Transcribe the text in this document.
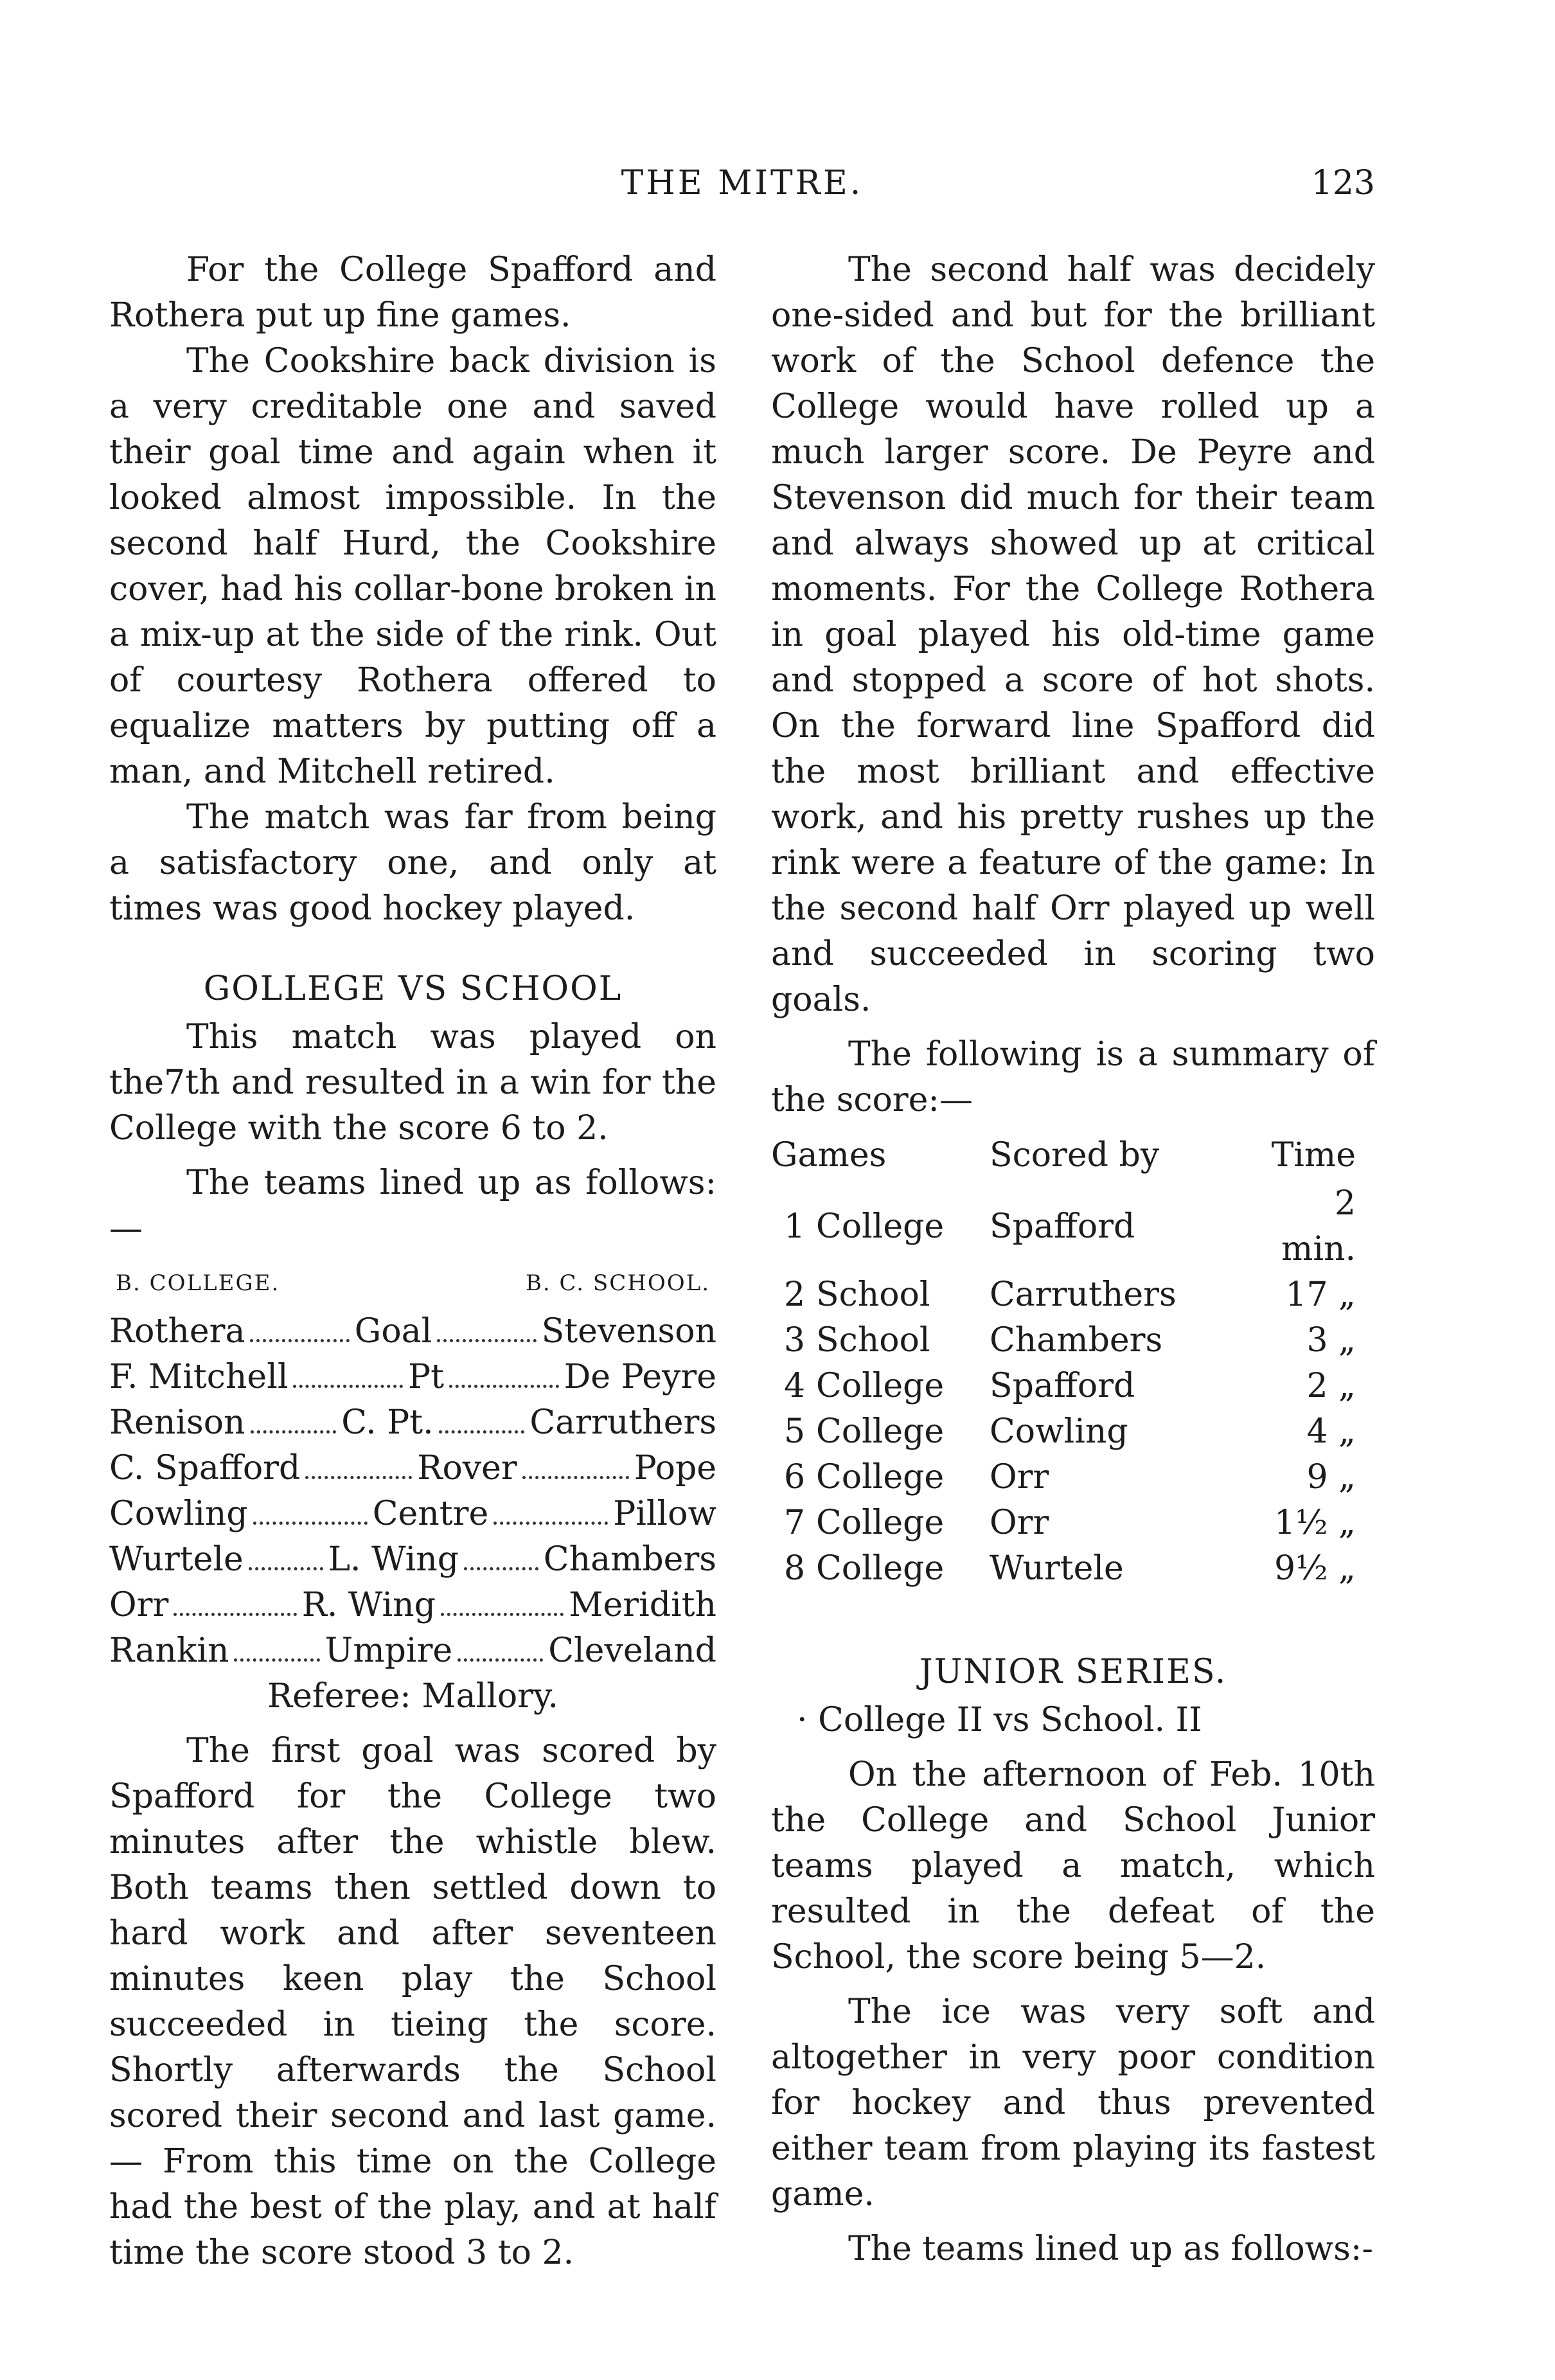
THE MITRE.	123

For the College Spafford and Rothera put up fine games.

The Cookshire back division is a very creditable one and saved their goal time and again when it looked almost impossible. In the second half Hurd, the Cookshire cover, had his collar-bone broken in a mix-up at the side of the rink. Out of courtesy Rothera offered to equalize matters by putting off a man, and Mitchell retired.

The match was far from being a satisfactory one, and only at times was good hockey played.

GOLLEGE VS SCHOOL

This match was played on the7th and resulted in a win for the College with the score 6 to 2.

The teams lined up as follows:—

B. COLLEGE.	B. C. SCHOOL.
Rothera	Goal	Stevenson
F. Mitchell	Pt	De Peyre
Renison	C. Pt.	Carruthers
C. Spafford	Rover	Pope
Cowling	Centre	Pillow
Wurtele	L. Wing	Chambers
Orr	R. Wing	Meridith
Rankin	Umpire	Cleveland
Referee: Mallory.

The first goal was scored by Spafford for the College two minutes after the whistle blew. Both teams then settled down to hard work and after seventeen minutes keen play the School succeeded in tieing the score. Shortly afterwards the School scored their second and last game.— From this time on the College had the best of the play, and at half time the score stood 3 to 2.

The second half was decidely one-sided and but for the brilliant work of the School defence the College would have rolled up a much larger score. De Peyre and Stevenson did much for their team and always showed up at critical moments. For the College Rothera in goal played his old-time game and stopped a score of hot shots. On the forward line Spafford did the most brilliant and effective work, and his pretty rushes up the rink were a feature of the game: In the second half Orr played up well and succeeded in scoring two goals.

The following is a summary of the score:—

Games	Scored by	Time
1 College	Spafford	2 min.
2 School	Carruthers	17 „
3 School	Chambers	3 „
4 College	Spafford	2 „
5 College	Cowling	4 „
6 College	Orr	9 „
7 College	Orr	1½ „
8 College	Wurtele	9½ „
JUNIOR SERIES.
· College II vs School. II

On the afternoon of Feb. 10th the College and School Junior teams played a match, which resulted in the defeat of the School, the score being 5—2.

The ice was very soft and altogether in very poor condition for hockey and thus prevented either team from playing its fastest game.

The teams lined up as follows:-
